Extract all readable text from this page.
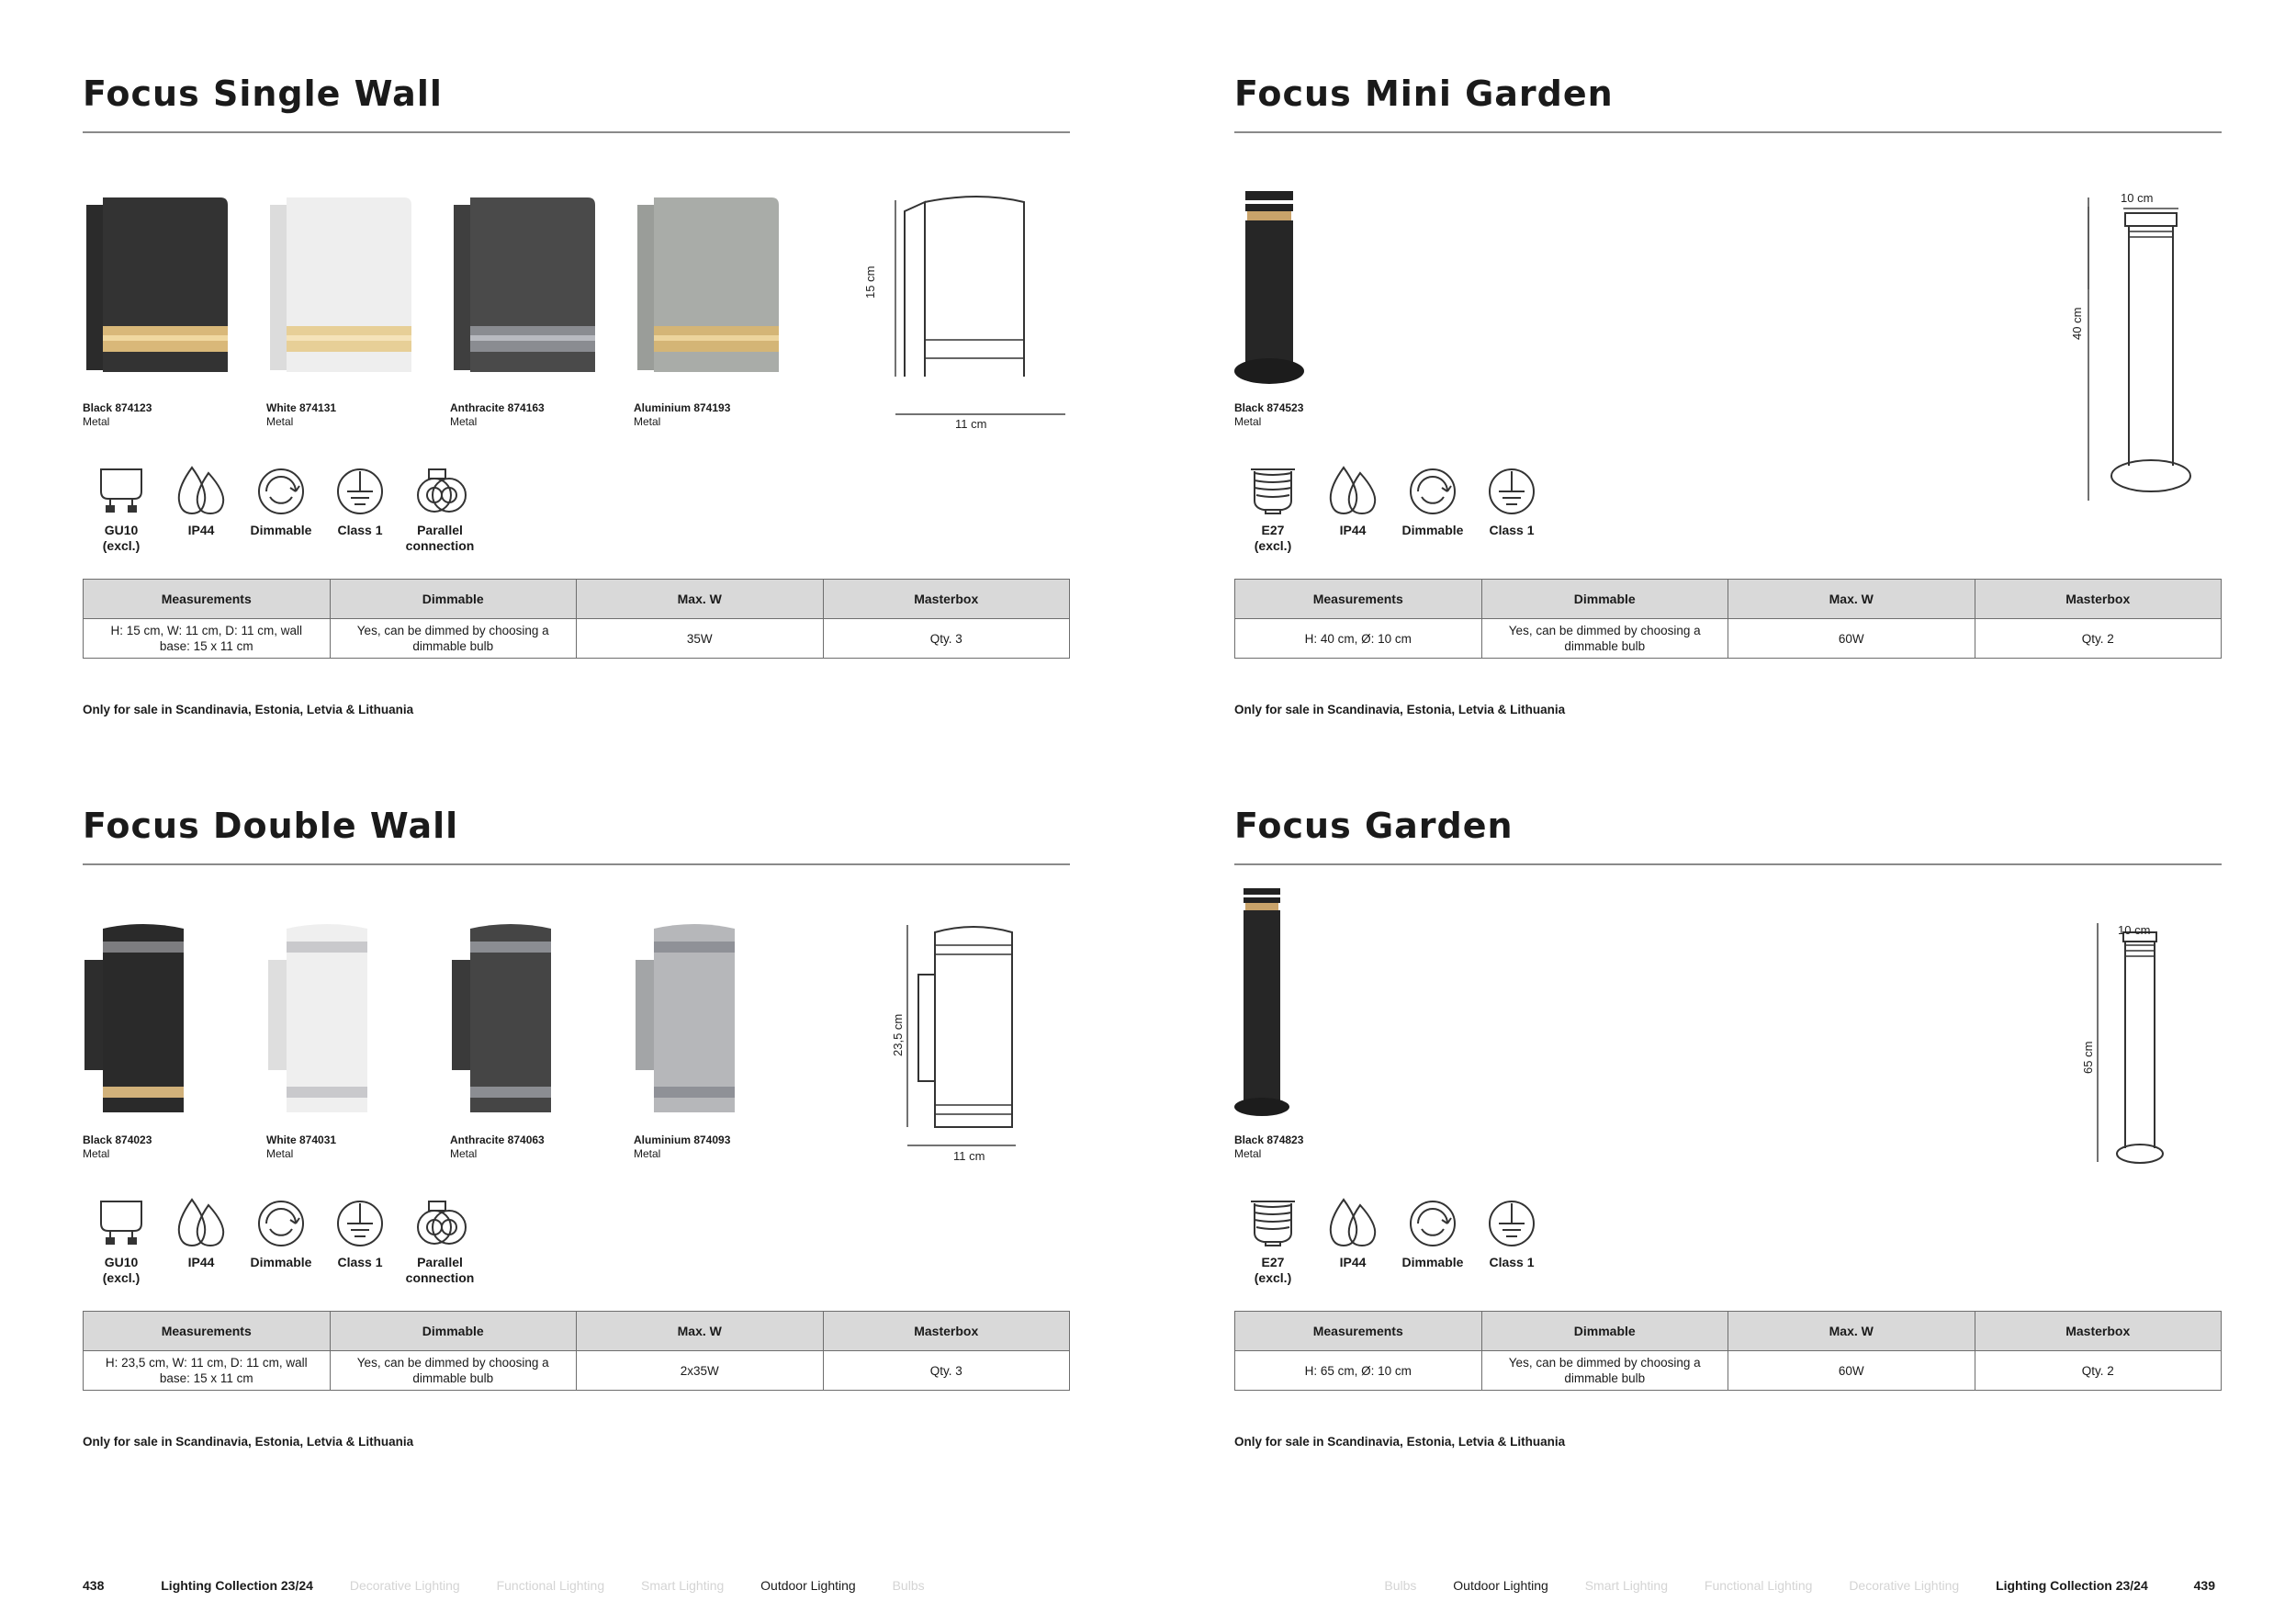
Focus Single Wall
15 cm
11 cm
Black 874123
Metal
White 874131
Metal
Anthracite 874163
Metal
Aluminium 874193
Metal
GU10
(excl.)
IP44	Dimmable	Class 1	Parallel
connection
Measurements	Dimmable	Max. W	Masterbox
H: 15 cm, W: 11 cm, D: 11 cm, wall base: 15 x 11 cm	Yes, can be dimmed by choosing a dimmable bulb	35W	Qty. 3
Only for sale in Scandinavia, Estonia, Letvia & Lithuania
Focus Mini Garden
10 cm
40 cm
Black 874523
Metal
E27
(excl.)
IP44	Dimmable	Class 1
Measurements	Dimmable	Max. W	Masterbox
H: 40 cm, Ø: 10 cm	Yes, can be dimmed by choosing a dimmable bulb	60W	Qty. 2
Only for sale in Scandinavia, Estonia, Letvia & Lithuania
Focus Double Wall
23,5 cm
11 cm
Black 874023
Metal
White 874031
Metal
Anthracite 874063
Metal
Aluminium 874093
Metal
GU10
(excl.)
IP44	Dimmable	Class 1	Parallel
connection
Measurements	Dimmable	Max. W	Masterbox
H: 23,5 cm, W: 11 cm, D: 11 cm, wall base: 15 x 11 cm	Yes, can be dimmed by choosing a dimmable bulb	2x35W	Qty. 3
Only for sale in Scandinavia, Estonia, Letvia & Lithuania
Focus Garden
10 cm
65 cm
Black 874823
Metal
E27
(excl.)
IP44	Dimmable	Class 1
Measurements	Dimmable	Max. W	Masterbox
H: 65 cm, Ø: 10 cm	Yes, can be dimmed by choosing a dimmable bulb	60W	Qty. 2
Only for sale in Scandinavia, Estonia, Letvia & Lithuania
438	Lighting Collection 23/24	Decorative Lighting	Functional Lighting	Smart Lighting	Outdoor Lighting	Bulbs	Bulbs	Outdoor Lighting	Smart Lighting	Functional Lighting	Decorative Lighting	Lighting Collection 23/24	439
